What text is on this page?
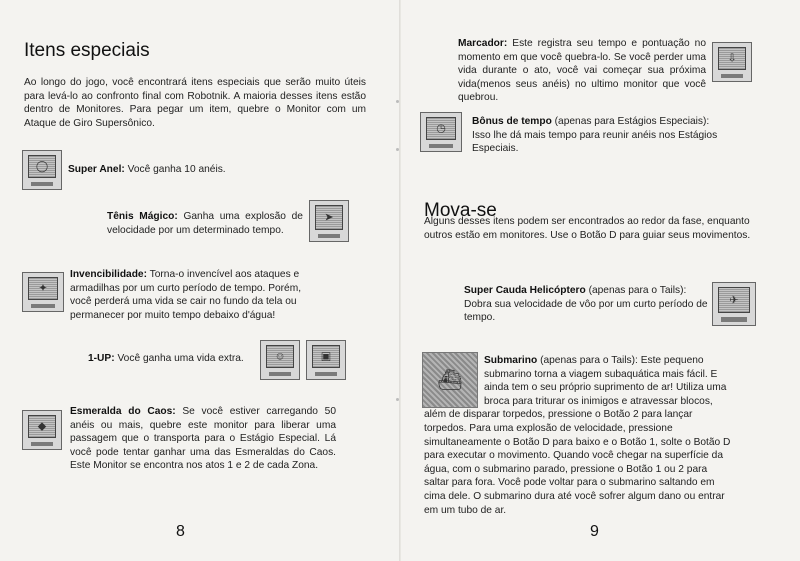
Itens especiais

Ao longo do jogo, você encontrará itens especiais que serão muito úteis para levá-lo ao confronto final com Robotnik. A maioria desses itens estão dentro de Monitores. Para pegar um item, quebre o Monitor com um Ataque de Giro Supersônico.

◯ Super Anel: Você ganha 10 anéis.

Tênis Mágico: Ganha uma explosão de velocidade por um determinado tempo.

➤
✦

Invencibilidade: Torna-o invencível aos ataques e armadilhas por um curto período de tempo. Porém, você perderá uma vida se cair no fundo da tela ou permanecer por muito tempo debaixo d'água!

1-UP: Você ganha uma vida extra.	☺	▣
◆

Esmeralda do Caos: Se você estiver carregando 50 anéis ou mais, quebre este monitor para liberar uma passagem que o transporta para o Estágio Especial. Lá você pode tentar ganhar uma das Esmeraldas do Caos. Este Monitor se encontra nos atos 1 e 2 de cada Zona.

8

Marcador: Este registra seu tempo e pontuação no momento em que você quebra-lo. Se você perder uma vida durante o ato, você vai começar sua próxima vida(menos seus anéis) no ultimo monitor que você quebrou.

⇩
◷

Bônus de tempo (apenas para Estágios Especiais):
Isso lhe dá mais tempo para reunir anéis nos Estágios Especiais.

Mova-se

Alguns desses itens podem ser encontrados ao redor da fase, enquanto outros estão em monitores. Use o Botão D para guiar seus movimentos.

Super Cauda Helicóptero (apenas para o Tails):
Dobra sua velocidade de vôo por um curto período de tempo.

✈
⛴
Submarino (apenas para o Tails): Este pequeno
submarino torna a viagem subaquática mais fácil. E
ainda tem o seu próprio suprimento de ar! Utiliza uma
broca para triturar os inimigos e atravessar blocos,
além de disparar torpedos, pressione o Botão 2 para lançar
torpedos. Para uma explosão de velocidade, pressione
simultaneamente o Botão D para baixo e o Botão 1, solte o Botão D
para executar o movimento. Quando você chegar na superfície da
água, com o submarino parado, pressione o Botão 1 ou 2 para
saltar para fora. Você pode voltar para o submarino saltando em
cima dele. O submarino dura até você sofrer algum dano ou entrar
em um tubo de ar.
9
